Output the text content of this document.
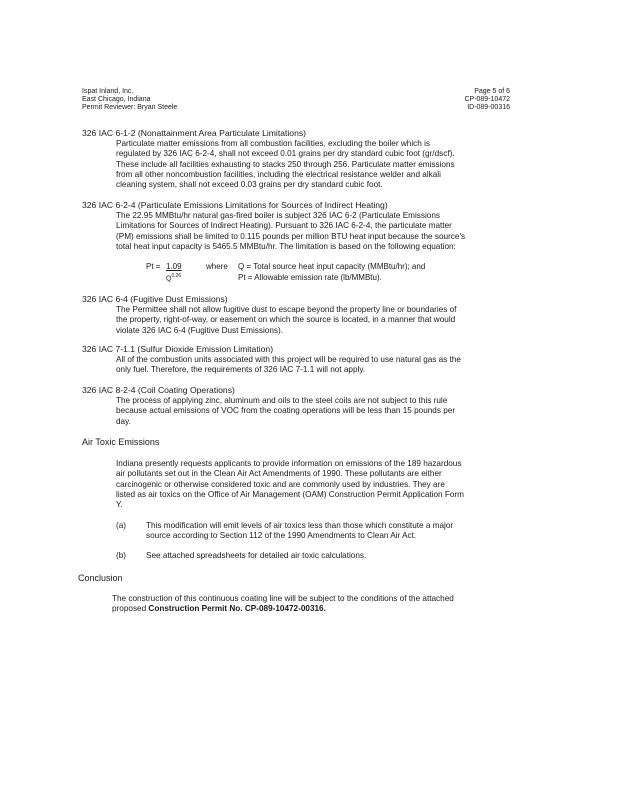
Ispat Inland, Inc.
East Chicago, Indiana
Permit Reviewer: Bryan Steele
Page 5 of 6
CP-089-10472
ID-089-00316
326 IAC 6-1-2 (Nonattainment Area Particulate Limitations)
Particulate matter emissions from all combustion facilities, excluding the boiler which is
regulated by 326 IAC 6-2-4, shall not exceed 0.01 grains per dry standard cubic foot (gr/dscf).
These include all facilities exhausting to stacks 250 through 256. Particulate matter emissions
from all other noncombustion facilities, including the electrical resistance welder and alkali
cleaning system, shall not exceed 0.03 grains per dry standard cubic foot.
326 IAC 6-2-4 (Particulate Emissions Limitations for Sources of Indirect Heating)
The 22.95 MMBtu/hr natural gas-fired boiler is subject 326 IAC 6-2 (Particulate Emissions
Limitations for Sources of Indirect Heating). Pursuant to 326 IAC 6-2-4, the particulate matter
(PM) emissions shall be limited to 0.115 pounds per million BTU heat input because the source's
total heat input capacity is 5465.5 MMBtu/hr. The limitation is based on the following equation:
Pt = 1.09
$Q^{0.26}$
where Q = Total source heat input capacity (MMBtu/hr); and
Pt = Allowable emission rate (lb/MMBtu).
326 IAC 6-4 (Fugitive Dust Emissions)
The Permittee shall not allow fugitive dust to escape beyond the property line or boundaries of
the property, right-of-way, or easement on which the source is located, in a manner that would
violate 326 IAC 6-4 (Fugitive Dust Emissions).
326 IAC 7-1.1 (Sulfur Dioxide Emission Limitation)
All of the combustion units associated with this project will be required to use natural gas as the
only fuel. Therefore, the requirements of 326 IAC 7-1.1 will not apply.
326 IAC 8-2-4 (Coil Coating Operations)
The process of applying zinc, aluminum and oils to the steel coils are not subject to this rule
because actual emissions of VOC from the coating operations will be less than 15 pounds per
day.
Air Toxic Emissions
Indiana presently requests applicants to provide information on emissions of the 189 hazardous
air pollutants set out in the Clean Air Act Amendments of 1990. These pollutants are either
carcinogenic or otherwise considered toxic and are commonly used by industries. They are
listed as air toxics on the Office of Air Management (OAM) Construction Permit Application Form
Y.
(a) This modification will emit levels of air toxics less than those which constitute a major
source according to Section 112 of the 1990 Amendments to Clean Air Act.
(b) See attached spreadsheets for detailed air toxic calculations.
Conclusion
The construction of this continuous coating line will be subject to the conditions of the attached
proposed Construction Permit No. CP-089-10472-00316.
